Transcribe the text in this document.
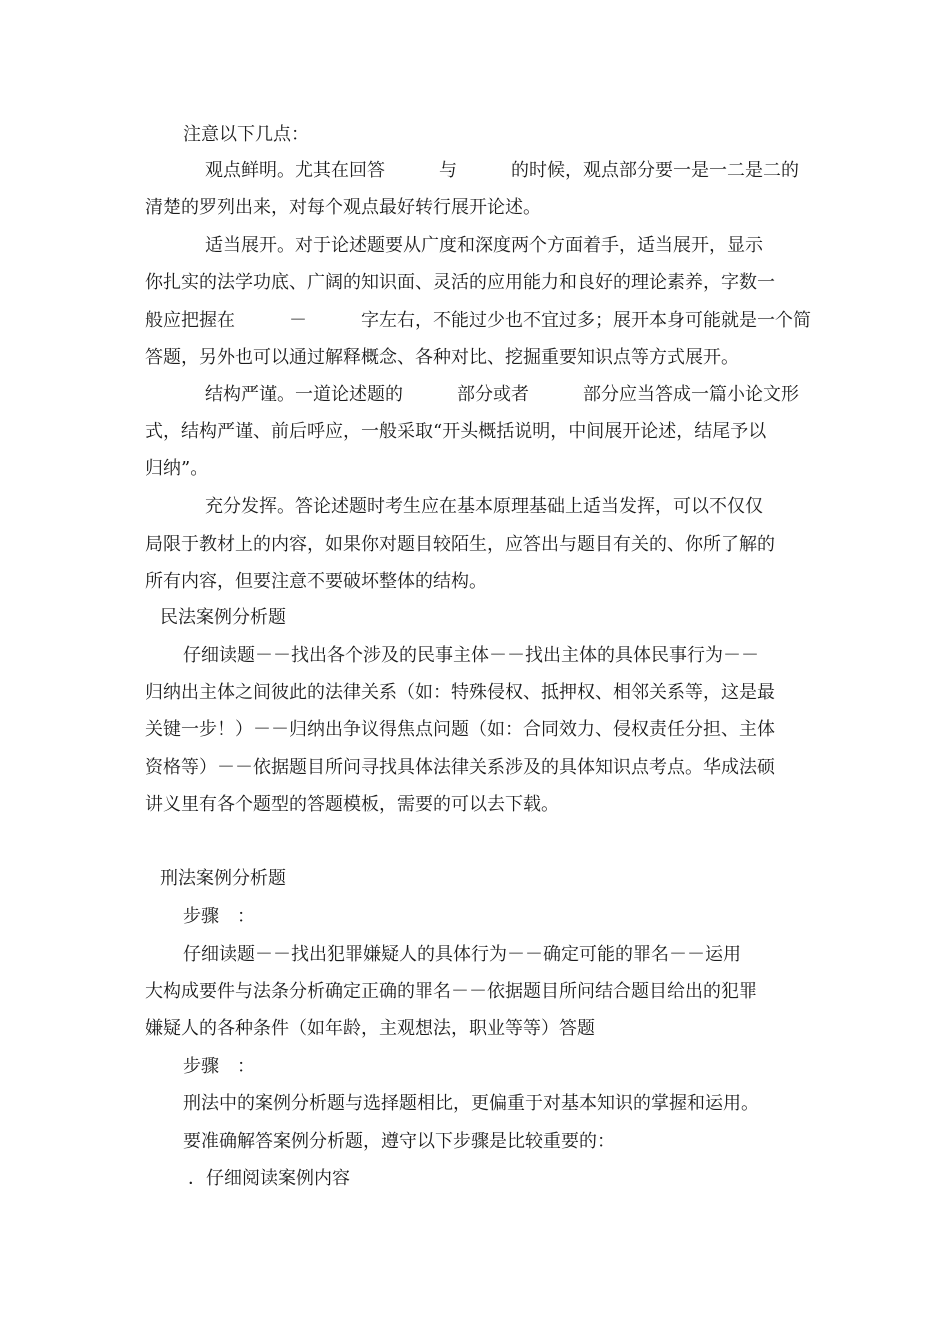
注意以下几点：
观点鲜明。尤其在回答　　　与　　　的时候，观点部分要一是一二是二的
清楚的罗列出来，对每个观点最好转行展开论述。
适当展开。对于论述题要从广度和深度两个方面着手，适当展开，显示
你扎实的法学功底、广阔的知识面、灵活的应用能力和良好的理论素养，字数一
般应把握在　　　－　　　字左右，不能过少也不宜过多；展开本身可能就是一个简
答题，另外也可以通过解释概念、各种对比、挖掘重要知识点等方式展开。
结构严谨。一道论述题的　　　部分或者　　　部分应当答成一篇小论文形
式，结构严谨、前后呼应，一般采取“开头概括说明，中间展开论述，结尾予以
归纳”。
充分发挥。答论述题时考生应在基本原理基础上适当发挥，可以不仅仅
局限于教材上的内容，如果你对题目较陌生，应答出与题目有关的、你所了解的
所有内容，但要注意不要破坏整体的结构。
民法案例分析题
仔细读题－－找出各个涉及的民事主体－－找出主体的具体民事行为－－
归纳出主体之间彼此的法律关系（如：特殊侵权、抵押权、相邻关系等，这是最
关键一步！）－－归纳出争议得焦点问题（如：合同效力、侵权责任分担、主体
资格等）－－依据题目所问寻找具体法律关系涉及的具体知识点考点。华成法硕
讲义里有各个题型的答题模板，需要的可以去下载。
刑法案例分析题
步骤　：
仔细读题－－找出犯罪嫌疑人的具体行为－－确定可能的罪名－－运用
大构成要件与法条分析确定正确的罪名－－依据题目所问结合题目给出的犯罪
嫌疑人的各种条件（如年龄，主观想法，职业等等）答题
步骤　：
刑法中的案例分析题与选择题相比，更偏重于对基本知识的掌握和运用。
要准确解答案例分析题，遵守以下步骤是比较重要的：
．仔细阅读案例内容
